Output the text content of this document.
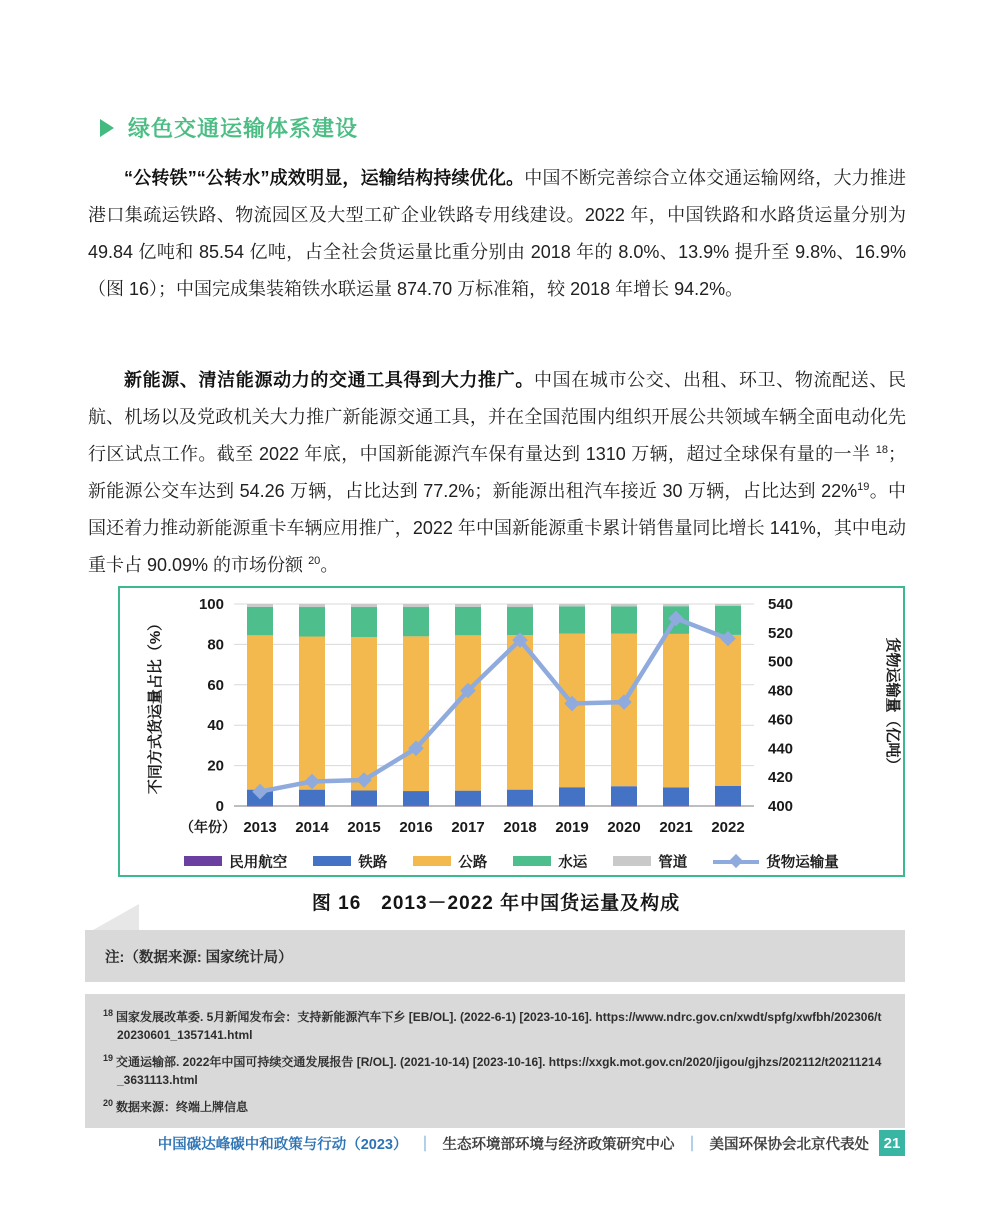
绿色交通运输体系建设

“公转铁”“公转水”成效明显，运输结构持续优化。中国不断完善综合立体交通运输网络，大力推进港口集疏运铁路、物流园区及大型工矿企业铁路专用线建设。2022 年，中国铁路和水路货运量分别为 49.84 亿吨和 85.54 亿吨，占全社会货运量比重分别由 2018 年的 8.0%、13.9% 提升至 9.8%、16.9%（图 16）；中国完成集装箱铁水联运量 874.70 万标准箱，较 2018 年增长 94.2%。

新能源、清洁能源动力的交通工具得到大力推广。中国在城市公交、出租、环卫、物流配送、民航、机场以及党政机关大力推广新能源交通工具，并在全国范围内组织开展公共领域车辆全面电动化先行区试点工作。截至 2022 年底，中国新能源汽车保有量达到 1310 万辆，超过全球保有量的一半 $^{18}$；新能源公交车达到 54.26 万辆，占比达到 77.2%；新能源出租汽车接近 30 万辆，占比达到 22%$^{19}$。中国还着力推动新能源重卡车辆应用推广，2022 年中国新能源重卡累计销售量同比增长 141%，其中电动重卡占 90.09% 的市场份额 $^{20}$。

0
20
40
60
80
100
400
420
440
460
480
500
520
540
2013 2014 2015 2016 2017 2018 2019 2020 2021 2022
（年份）
不同方式货运量占比（%）	货物运输量（亿吨）
民用航空	铁路	公路	水运	管道	货物运输量
图 16　2013－2022 年中国货运量及构成
注:（数据来源: 国家统计局）
$^{18}$ 国家发展改革委. 5月新闻发布会：支持新能源汽车下乡 [EB/OL]. (2022-6-1) [2023-10-16]. https://www.ndrc.gov.cn/xwdt/spfg/xwfbh/202306/t20230601_1357141.html
$^{19}$ 交通运输部. 2022年中国可持续交通发展报告 [R/OL]. (2021-10-14) [2023-10-16]. https://xxgk.mot.gov.cn/2020/jigou/gjhzs/202112/t20211214_3631113.html
$^{20}$ 数据来源：终端上牌信息
中国碳达峰碳中和政策与行动（2023） ｜ 生态环境部环境与经济政策研究中心 ｜ 美国环保协会北京代表处 21
